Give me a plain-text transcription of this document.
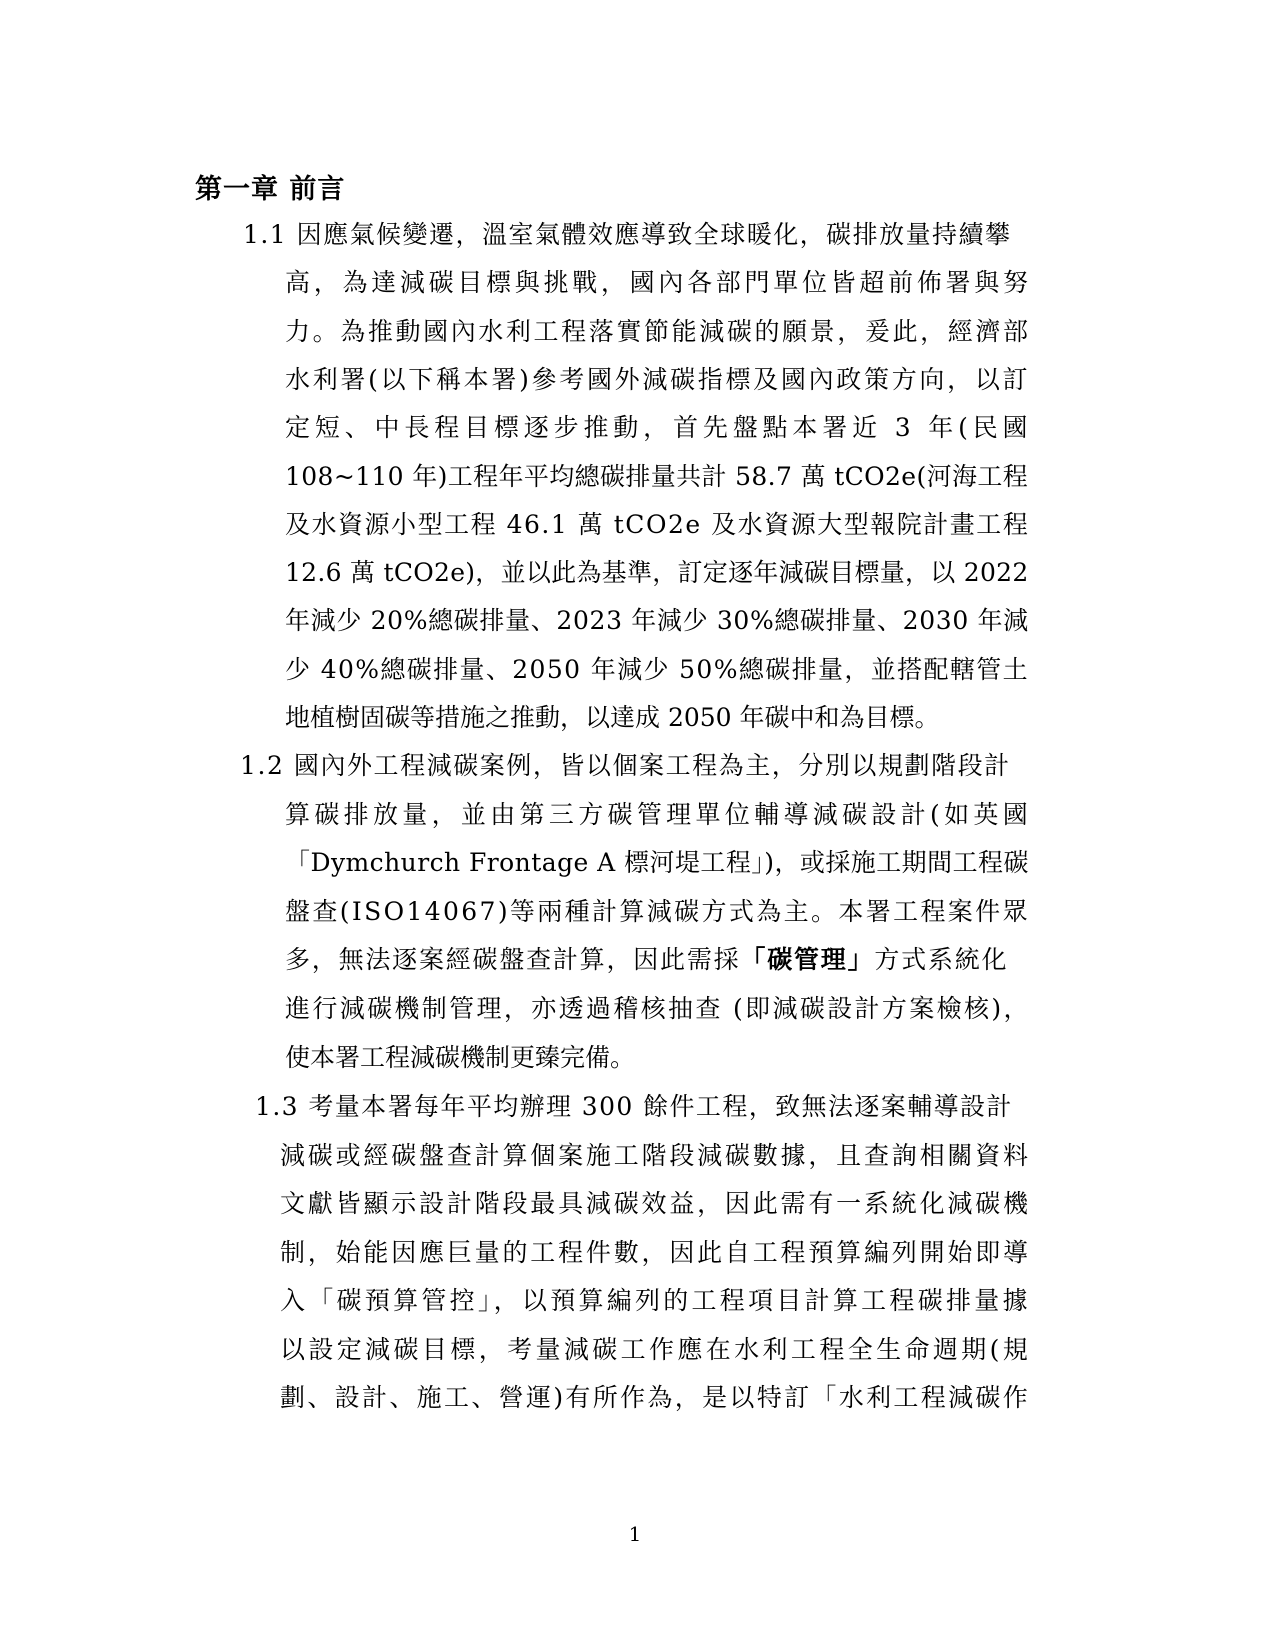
第一章 前言
1.1 因應氣候變遷，溫室氣體效應導致全球暖化，碳排放量持續攀
高，為達減碳目標與挑戰，國內各部門單位皆超前佈署與努
力。為推動國內水利工程落實節能減碳的願景，爰此，經濟部
水利署(以下稱本署)參考國外減碳指標及國內政策方向，以訂
定短、中長程目標逐步推動，首先盤點本署近 3 年(民國
108~110 年)工程年平均總碳排量共計 58.7 萬 tCO2e(河海工程
及水資源小型工程 46.1 萬 tCO2e 及水資源大型報院計畫工程
12.6 萬 tCO2e)，並以此為基準，訂定逐年減碳目標量，以 2022
年減少 20%總碳排量、2023 年減少 30%總碳排量、2030 年減
少 40%總碳排量、2050 年減少 50%總碳排量，並搭配轄管土
地植樹固碳等措施之推動，以達成 2050 年碳中和為目標。
1.2 國內外工程減碳案例，皆以個案工程為主，分別以規劃階段計
算碳排放量，並由第三方碳管理單位輔導減碳設計(如英國
「Dymchurch Frontage A 標河堤工程」)，或採施工期間工程碳
盤查(ISO14067)等兩種計算減碳方式為主。本署工程案件眾
多，無法逐案經碳盤查計算，因此需採「碳管理」方式系統化
進行減碳機制管理，亦透過稽核抽查 (即減碳設計方案檢核)，
使本署工程減碳機制更臻完備。
1.3 考量本署每年平均辦理 300 餘件工程，致無法逐案輔導設計
減碳或經碳盤查計算個案施工階段減碳數據，且查詢相關資料
文獻皆顯示設計階段最具減碳效益，因此需有一系統化減碳機
制，始能因應巨量的工程件數，因此自工程預算編列開始即導
入「碳預算管控」，以預算編列的工程項目計算工程碳排量據
以設定減碳目標，考量減碳工作應在水利工程全生命週期(規
劃、設計、施工、營運)有所作為，是以特訂「水利工程減碳作
1
